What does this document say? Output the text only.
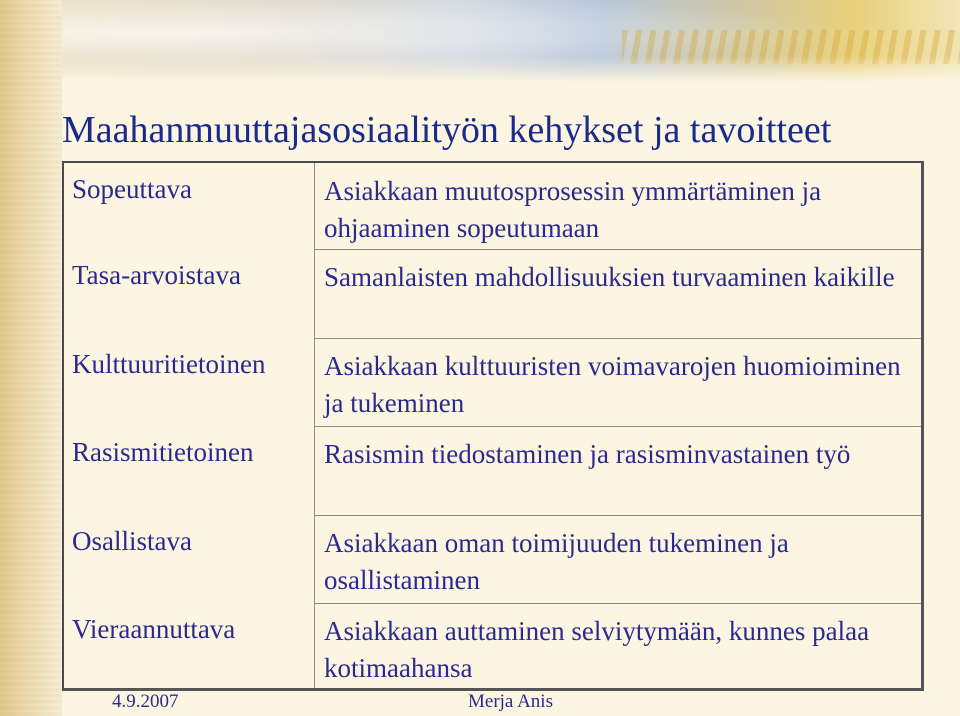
Maahanmuuttajasosiaalityön kehykset ja tavoitteet
Sopeuttava	Asiakkaan muutosprosessin ymmärtäminen ja ohjaaminen sopeutumaan
Tasa-arvoistava	Samanlaisten mahdollisuuksien turvaaminen kaikille
Kulttuuritietoinen Asiakkaan kulttuuristen voimavarojen huomioiminen ja tukeminen
Rasismitietoinen	Rasismin tiedostaminen ja rasisminvastainen työ
Osallistava	Asiakkaan oman toimijuuden tukeminen ja osallistaminen
Vieraannuttava	Asiakkaan auttaminen selviytymään, kunnes palaa kotimaahansa
4.9.2007	Merja Anis
